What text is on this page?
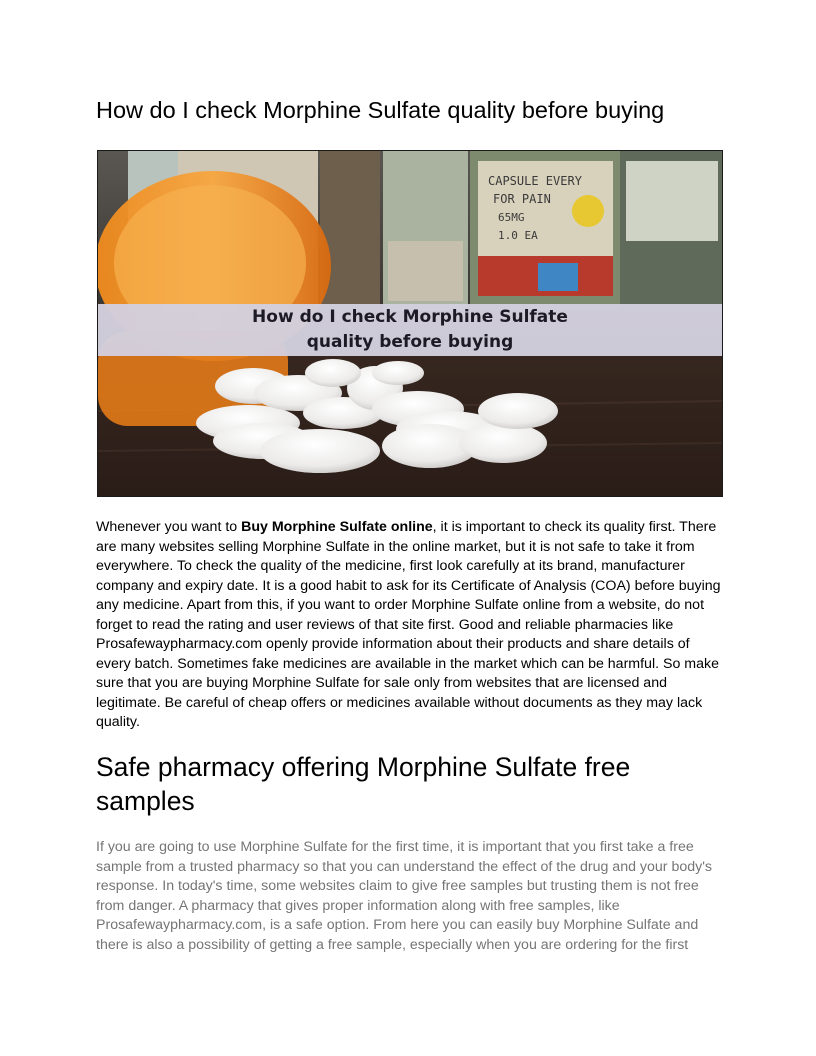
How do I check Morphine Sulfate quality before buying
CAPSULE EVERY
FOR PAIN
65MG
1.0 EA
How do I check Morphine Sulfate quality before buying

Whenever you want to Buy Morphine Sulfate online, it is important to check its quality first. There are many websites selling Morphine Sulfate in the online market, but it is not safe to take it from everywhere. To check the quality of the medicine, first look carefully at its brand, manufacturer company and expiry date. It is a good habit to ask for its Certificate of Analysis (COA) before buying any medicine. Apart from this, if you want to order Morphine Sulfate online from a website, do not forget to read the rating and user reviews of that site first. Good and reliable pharmacies like Prosafewaypharmacy.com openly provide information about their products and share details of every batch. Sometimes fake medicines are available in the market which can be harmful. So make sure that you are buying Morphine Sulfate for sale only from websites that are licensed and legitimate. Be careful of cheap offers or medicines available without documents as they may lack quality.

Safe pharmacy offering Morphine Sulfate free samples

If you are going to use Morphine Sulfate for the first time, it is important that you first take a free sample from a trusted pharmacy so that you can understand the effect of the drug and your body's response. In today's time, some websites claim to give free samples but trusting them is not free from danger. A pharmacy that gives proper information along with free samples, like Prosafewaypharmacy.com, is a safe option. From here you can easily buy Morphine Sulfate and there is also a possibility of getting a free sample, especially when you are ordering for the first
